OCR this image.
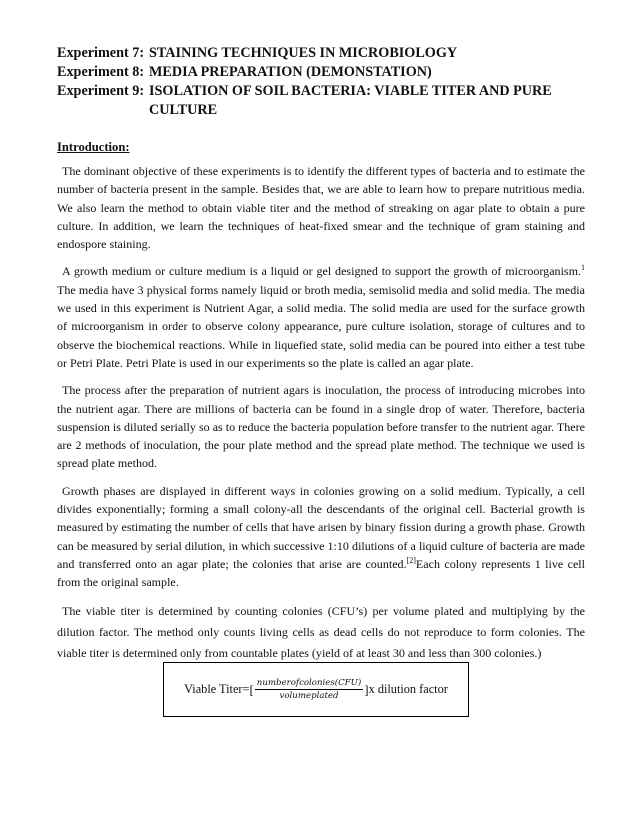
Experiment 7: STAINING TECHNIQUES IN MICROBIOLOGY
Experiment 8: MEDIA PREPARATION (DEMONSTATION)
Experiment 9: ISOLATION OF SOIL BACTERIA: VIABLE TITER AND PURE CULTURE
Introduction:

The dominant objective of these experiments is to identify the different types of bacteria and to estimate the number of bacteria present in the sample. Besides that, we are able to learn how to prepare nutritious media. We also learn the method to obtain viable titer and the method of streaking on agar plate to obtain a pure culture. In addition, we learn the techniques of heat-fixed smear and the technique of gram staining and endospore staining.

A growth medium or culture medium is a liquid or gel designed to support the growth of microorganism.$^1$ The media have 3 physical forms namely liquid or broth media, semisolid media and solid media. The media we used in this experiment is Nutrient Agar, a solid media. The solid media are used for the surface growth of microorganism in order to observe colony appearance, pure culture isolation, storage of cultures and to observe the biochemical reactions. While in liquefied state, solid media can be poured into either a test tube or Petri Plate. Petri Plate is used in our experiments so the plate is called an agar plate.

The process after the preparation of nutrient agars is inoculation, the process of introducing microbes into the nutrient agar. There are millions of bacteria can be found in a single drop of water. Therefore, bacteria suspension is diluted serially so as to reduce the bacteria population before transfer to the nutrient agar. There are 2 methods of inoculation, the pour plate method and the spread plate method. The technique we used is spread plate method.

Growth phases are displayed in different ways in colonies growing on a solid medium. Typically, a cell divides exponentially; forming a small colony-all the descendants of the original cell. Bacterial growth is measured by estimating the number of cells that have arisen by binary fission during a growth phase. Growth can be measured by serial dilution, in which successive 1:10 dilutions of a liquid culture of bacteria are made and transferred onto an agar plate; the colonies that arise are counted.[2]Each colony represents 1 live cell from the original sample.

The viable titer is determined by counting colonies (CFU’s) per volume plated and multiplying by the dilution factor. The method only counts living cells as dead cells do not reproduce to form colonies. The viable titer is determined only from countable plates (yield of at least 30 and less than 300 colonies.)

Viable Titer= [ $\frac{\text{numberofcolonies(CFU)}}{\text{volumeplated}}$ ] x dilution factor
